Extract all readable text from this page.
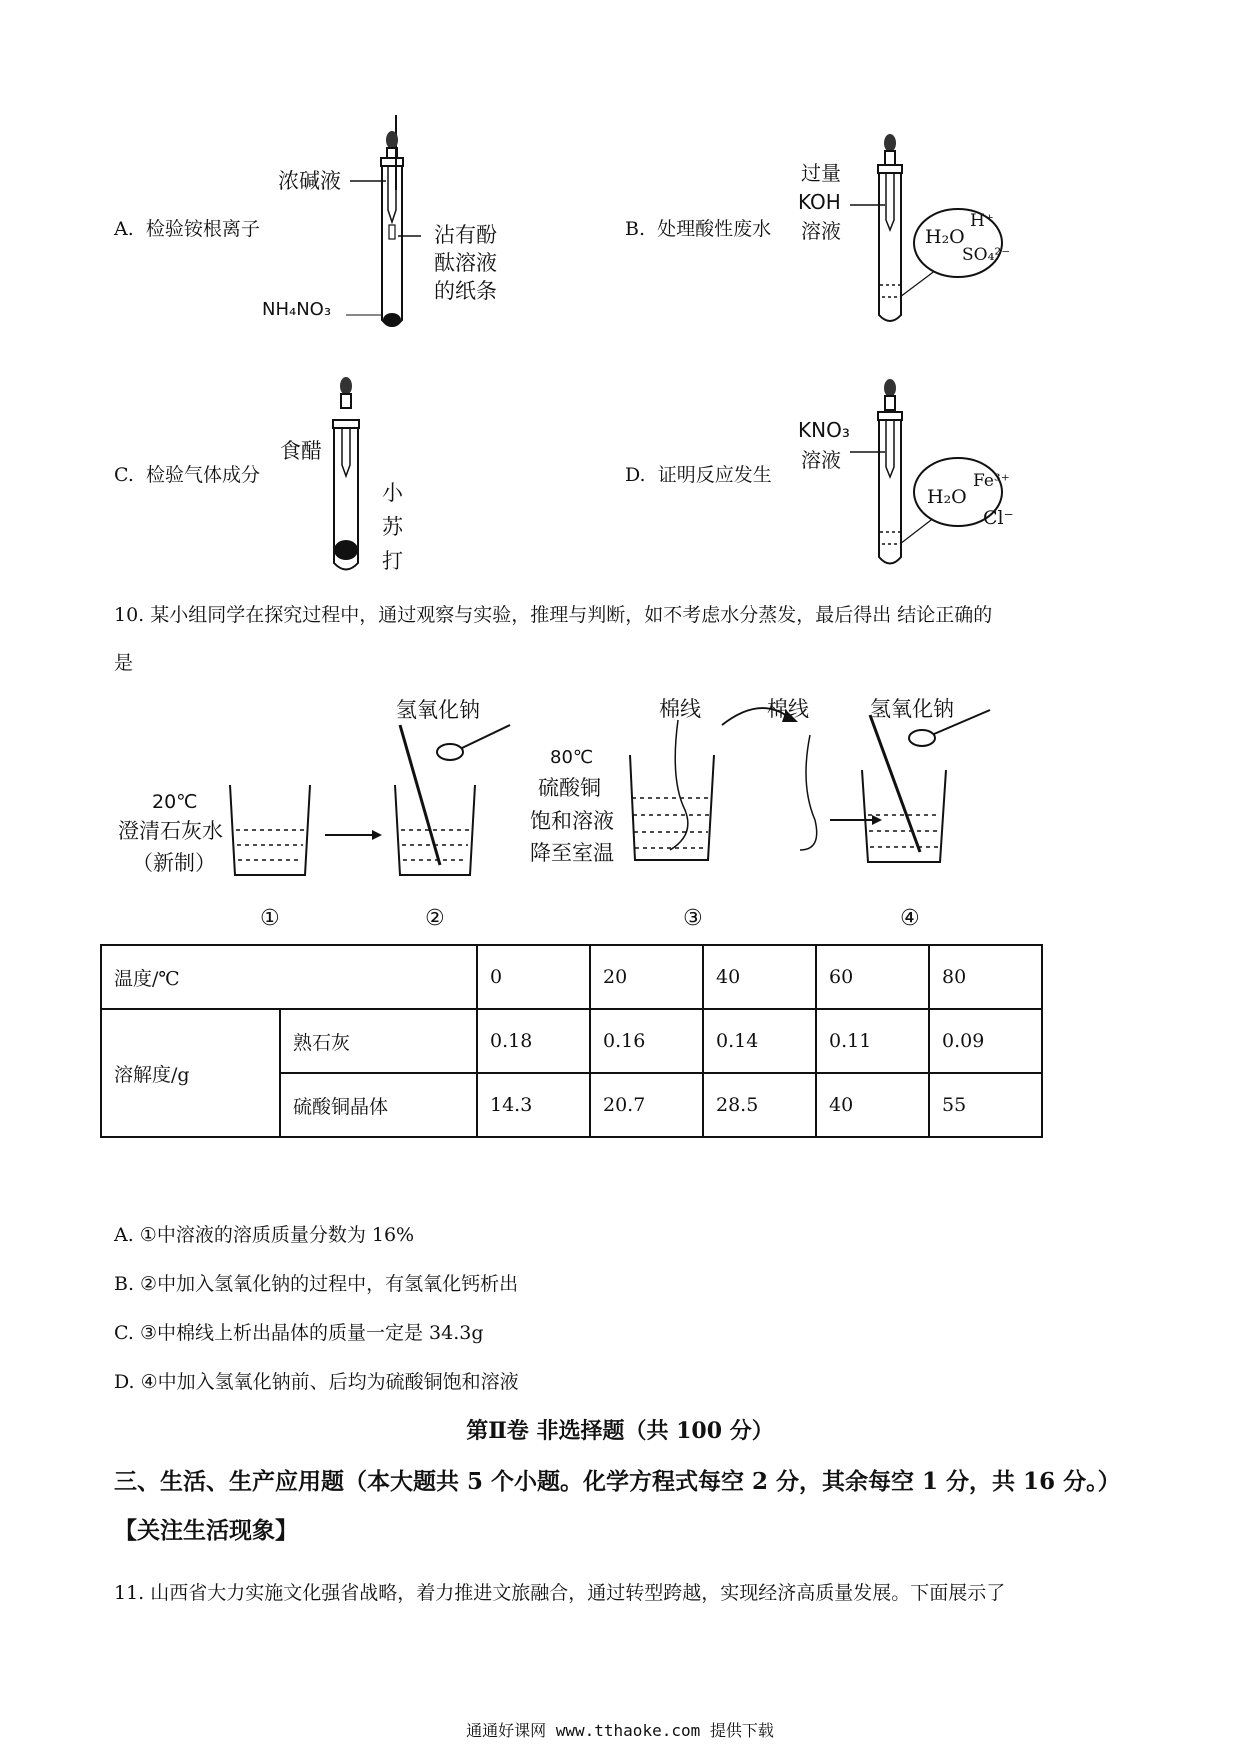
A. 检验铵根离子
浓碱液
NH₄NO₃
沾有酚
酞溶液
的纸条
B. 处理酸性废水
过量
KOH
溶液	H₂O
H⁺
SO₄²⁻
C. 检验气体成分
食醋
小
苏
打
D. 证明反应发生
KNO₃
溶液
H₂O
Fe³⁺
Cl⁻
10. 某小组同学在探究过程中，通过观察与实验，推理与判断，如不考虑水分蒸发，最后得出 结论正确的
是
20℃
澄清石灰水
（新制）
氢氧化钠	棉线
80℃
硫酸铜
饱和溶液
降至室温
棉线	氢氧化钠
①	②	③	④
温度/℃		0	20	40	60	80
溶解度/g	熟石灰	0.18	0.16	0.14	0.11	0.09
	硫酸铜晶体	14.3	20.7	28.5	40	55
A. ①中溶液的溶质质量分数为 16%
B. ②中加入氢氧化钠的过程中，有氢氧化钙析出
C. ③中棉线上析出晶体的质量一定是 34.3g
D. ④中加入氢氧化钠前、后均为硫酸铜饱和溶液
第Ⅱ卷 非选择题（共 100 分）
三、生活、生产应用题（本大题共 5 个小题。化学方程式每空 2 分，其余每空 1 分，共 16 分。）
【关注生活现象】
11. 山西省大力实施文化强省战略，着力推进文旅融合，通过转型跨越，实现经济高质量发展。下面展示了
通通好课网 www.tthaoke.com 提供下载
